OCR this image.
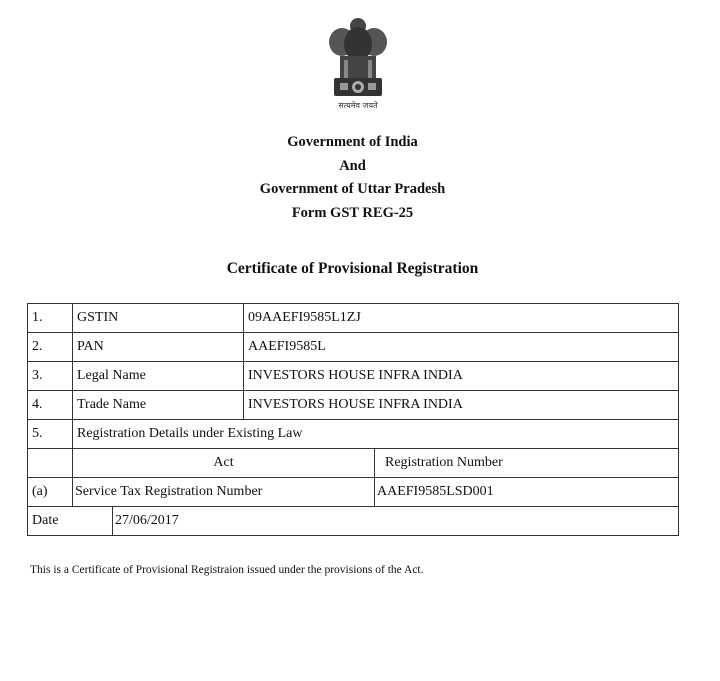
सत्यमेव जयते
Government of India
And
Government of Uttar Pradesh
Form GST REG-25
Certificate of Provisional Registration
1.	GSTIN		09AAEFI9585L1ZJ	
2.	PAN		AAEFI9585L	
3.	Legal Name		INVESTORS HOUSE INFRA INDIA	
4.	Trade Name		INVESTORS HOUSE INFRA INDIA	
5.	Registration Details under Existing Law			
	Act			Registration Number
(a)	Service Tax Registration Number			AAEFI9585LSD001
Date		27/06/2017		
This is a Certificate of Provisional Registraion issued under the provisions of the Act.
